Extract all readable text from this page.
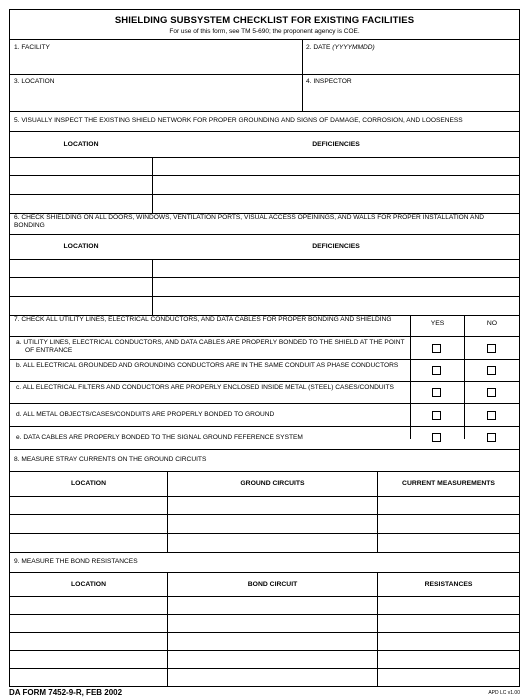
SHIELDING SUBSYSTEM CHECKLIST FOR EXISTING FACILITIES
For use of this form, see TM 5-690; the proponent agency is COE.
1. FACILITY	2. DATE (YYYYMMDD)
3. LOCATION	4. INSPECTOR
5. VISUALLY INSPECT THE EXISTING SHIELD NETWORK FOR PROPER GROUNDING AND SIGNS OF DAMAGE, CORROSION, AND LOOSENESS
LOCATION	DEFICIENCIES
6. CHECK SHIELDING ON ALL DOORS, WINDOWS, VENTILATION PORTS, VISUAL ACCESS OPEININGS, AND WALLS FOR PROPER INSTALLATION AND BONDING
LOCATION	DEFICIENCIES
7. CHECK ALL UTILITY LINES, ELECTRICAL CONDUCTORS, AND DATA CABLES FOR PROPER BONDING AND SHIELDING
YES	NO
a. UTILITY LINES, ELECTRICAL CONDUCTORS, AND DATA CABLES ARE PROPERLY BONDED TO THE SHIELD AT THE POINT OF ENTRANCE
b. ALL ELECTRICAL GROUNDED AND GROUNDING CONDUCTORS ARE IN THE SAME CONDUIT AS PHASE CONDUCTORS
c. ALL ELECTRICAL FILTERS AND CONDUCTORS ARE PROPERLY ENCLOSED INSIDE METAL (STEEL) CASES/CONDUITS
d. ALL METAL OBJECTS/CASES/CONDUITS ARE PROPERLY BONDED TO GROUND
e. DATA CABLES ARE PROPERLY BONDED TO THE SIGNAL GROUND FEFERENCE SYSTEM
8. MEASURE STRAY CURRENTS ON THE GROUND CIRCUITS
LOCATION	GROUND CIRCUITS	CURRENT MEASUREMENTS
9. MEASURE THE BOND RESISTANCES
LOCATION	BOND CIRCUIT	RESISTANCES
DA FORM 7452-9-R, FEB 2002	APD LC v1.00
